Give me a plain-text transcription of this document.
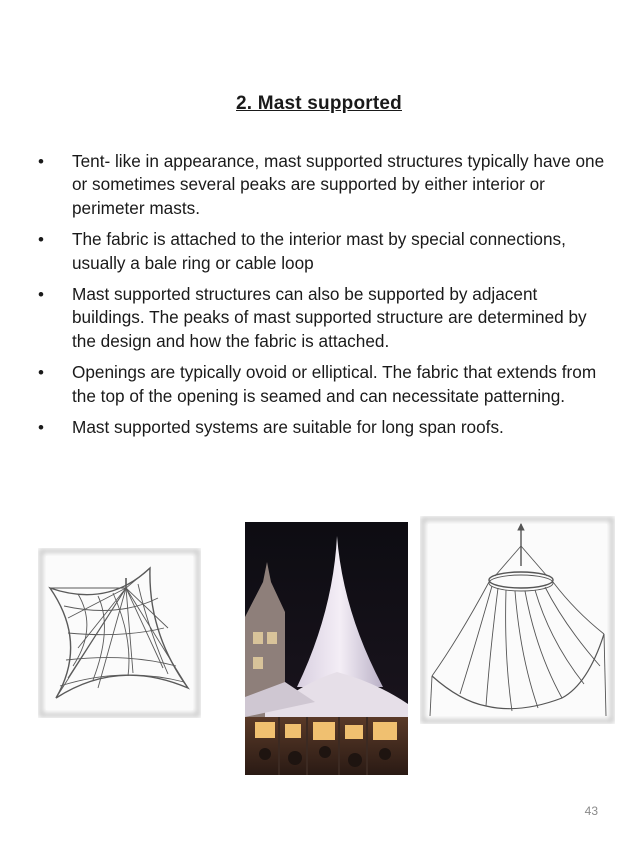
2. Mast supported
• Tent- like in appearance, mast supported structures typically have one or sometimes several peaks are supported by either interior or perimeter masts.
• The fabric is attached to the interior mast by special connections, usually a bale ring or cable loop
• Mast supported structures can also be supported by adjacent buildings. The peaks of mast supported structure are determined by the design and how the fabric is attached.
• Openings are typically ovoid or elliptical. The fabric that extends from the top of the opening is seamed and can necessitate patterning.
• Mast supported systems are suitable for long span roofs.
43
